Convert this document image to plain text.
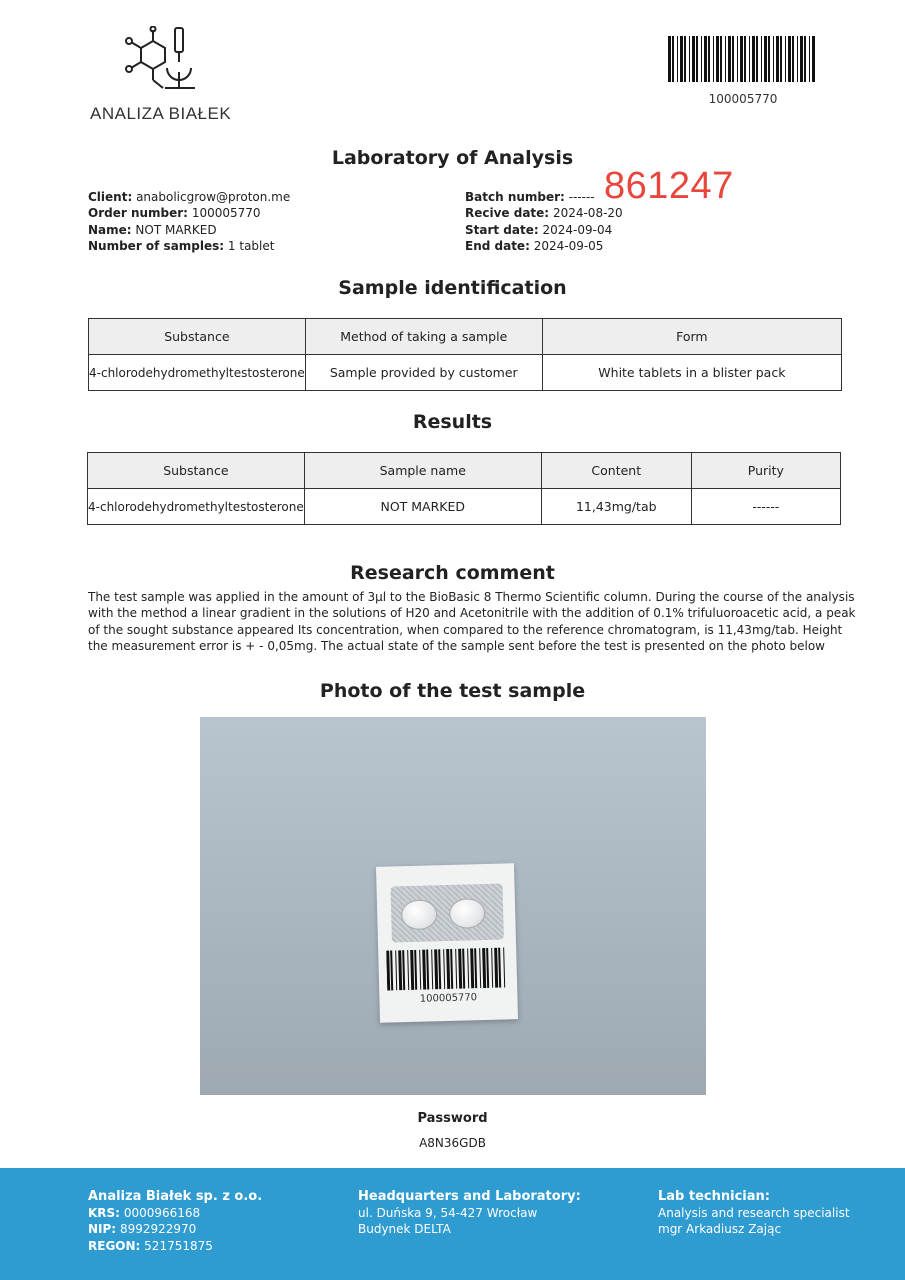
ANALIZA BIAŁEK
100005770
Laboratory of Analysis
Client: anabolicgrow@proton.me
Order number: 100005770
Name: NOT MARKED
Number of samples: 1 tablet
Batch number: ------
Recive date: 2024-08-20
Start date: 2024-09-04
End date: 2024-09-05
861247
Sample identification
Substance	Method of taking a sample	Form
4-chlorodehydromethyltestosterone	Sample provided by customer	White tablets in a blister pack
Results
Substance	Sample name	Content	Purity
4-chlorodehydromethyltestosterone	NOT MARKED	11,43mg/tab	------
Research comment
The test sample was applied in the amount of 3µl to the BioBasic 8 Thermo Scientific column. During the course of the analysis with the method a linear gradient in the solutions of H20 and Acetonitrile with the addition of 0.1% trifuluoroacetic acid, a peak of the sought substance appeared Its concentration, when compared to the reference chromatogram, is 11,43mg/tab. Height the measurement error is + - 0,05mg. The actual state of the sample sent before the test is presented on the photo below
Photo of the test sample
100005770
Password
A8N36GDB
Analiza Białek sp. z o.o.
KRS: 0000966168
NIP: 8992922970
REGON: 521751875
Headquarters and Laboratory:
ul. Duńska 9, 54-427 Wrocław
Budynek DELTA
Lab technician:
Analysis and research specialist
mgr Arkadiusz Zając
